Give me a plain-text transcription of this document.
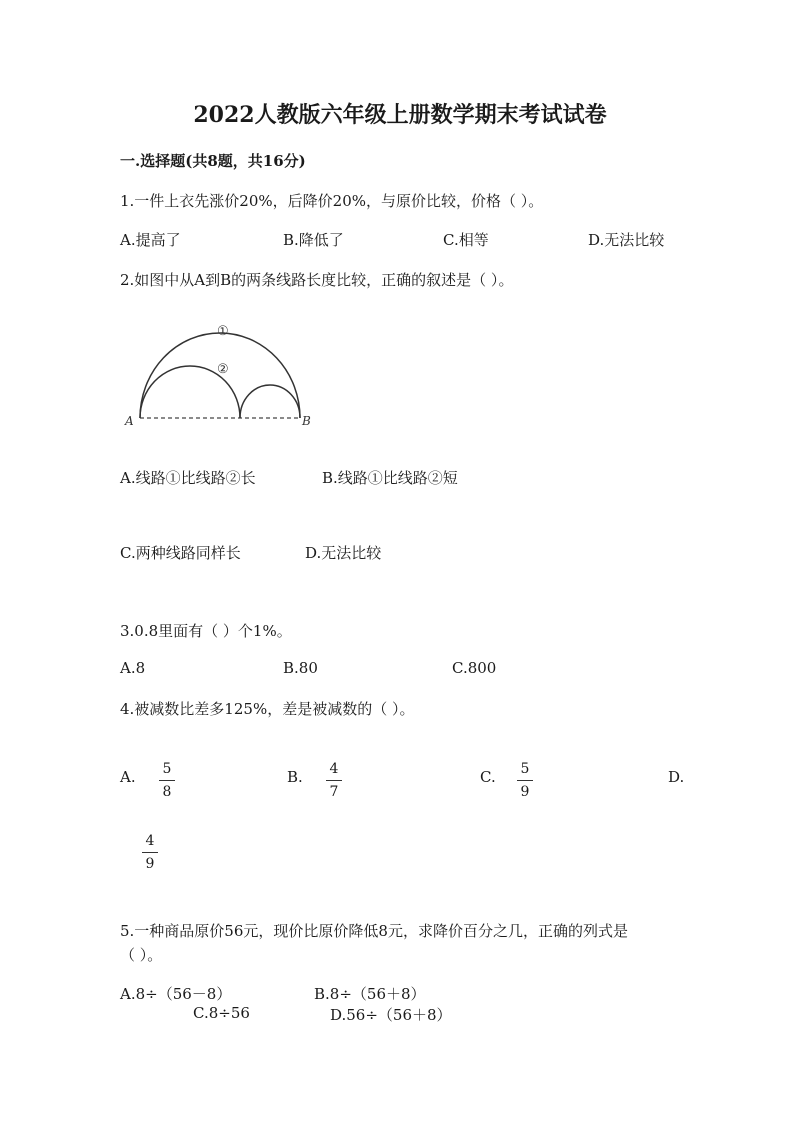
2022人教版六年级上册数学期末考试试卷
一.选择题(共8题，共16分)
1.一件上衣先涨价20%，后降价20%，与原价比较，价格（ ）。
A.提高了	B.降低了	C.相等	D.无法比较
2.如图中从A到B的两条线路长度比较，正确的叙述是（ ）。
A	B
①
②
A.线路①比线路②长	B.线路①比线路②短
C.两种线路同样长	D.无法比较
3.0.8里面有（ ）个1%。
A.8	B.80	C.800
4.被减数比差多125%，差是被减数的（ ）。
A.	5
8
B.	4
7
C.	5
9
D.
4
9
5.一种商品原价56元，现价比原价降低8元，求降价百分之几，正确的列式是
（ ）。
A.8÷（56－8）	B.8÷（56＋8）
C.8÷56	D.56÷（56＋8）
